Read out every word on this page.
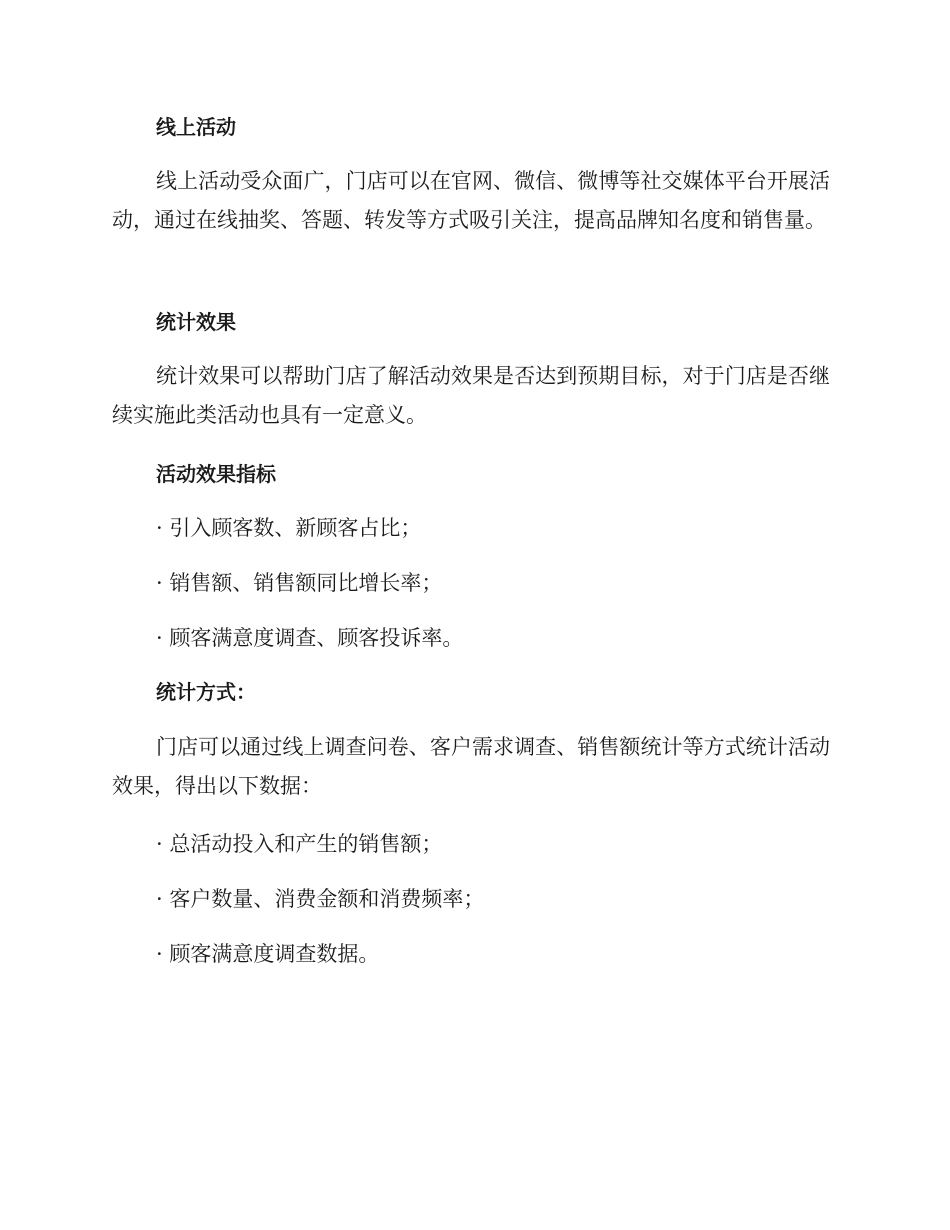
线上活动
线上活动受众面广，门店可以在官网、微信、微博等社交媒体平台开展活动，通过在线抽奖、答题、转发等方式吸引关注，提高品牌知名度和销售量。
统计效果
统计效果可以帮助门店了解活动效果是否达到预期目标，对于门店是否继续实施此类活动也具有一定意义。
活动效果指标
· 引入顾客数、新顾客占比；
· 销售额、销售额同比增长率；
· 顾客满意度调查、顾客投诉率。
统计方式：
门店可以通过线上调查问卷、客户需求调查、销售额统计等方式统计活动效果，得出以下数据：
· 总活动投入和产生的销售额；
· 客户数量、消费金额和消费频率；
· 顾客满意度调查数据。
